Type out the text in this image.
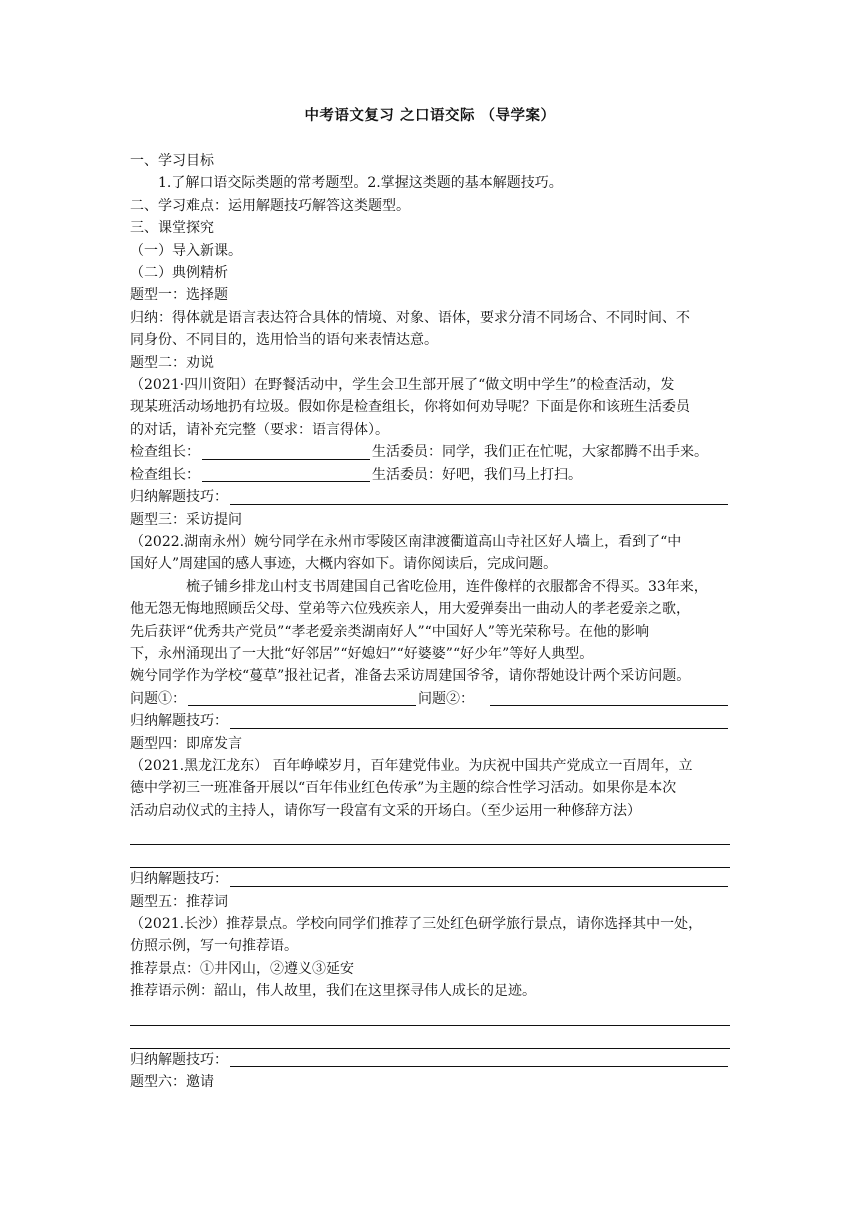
中考语文复习 之口语交际 （导学案）
一、学习目标
1.了解口语交际类题的常考题型。2.掌握这类题的基本解题技巧。
二、学习难点：运用解题技巧解答这类题型。
三、课堂探究
（一）导入新课。
（二）典例精析
题型一：选择题
归纳：得体就是语言表达符合具体的情境、对象、语体，要求分清不同场合、不同时间、不
同身份、不同目的，选用恰当的语句来表情达意。
题型二：劝说
（2021·四川资阳）在野餐活动中，学生会卫生部开展了“做文明中学生”的检查活动，发
现某班活动场地扔有垃圾。假如你是检查组长，你将如何劝导呢？下面是你和该班生活委员
的对话，请补充完整（要求：语言得体）。
检查组长：	生活委员：同学，我们正在忙呢，大家都腾不出手来。
检查组长：	生活委员：好吧，我们马上打扫。
归纳解题技巧：
题型三：采访提问
（2022.湖南永州）婉兮同学在永州市零陵区南津渡衢道高山寺社区好人墙上，看到了“中
国好人”周建国的感人事迹，大概内容如下。请你阅读后，完成问题。
梳子铺乡排龙山村支书周建国自己省吃俭用，连件像样的衣服都舍不得买。33年来，
他无怨无悔地照顾岳父母、堂弟等六位残疾亲人，用大爱弹奏出一曲动人的孝老爱亲之歌，
先后获评“优秀共产党员”“孝老爱亲类湖南好人”“中国好人”等光荣称号。在他的影响
下，永州涌现出了一大批“好邻居”“好媳妇”“好婆婆”“好少年”等好人典型。
婉兮同学作为学校“蔓草”报社记者，准备去采访周建国爷爷，请你帮她设计两个采访问题。
问题①：	问题②：
归纳解题技巧：
题型四：即席发言
（2021.黑龙江龙东） 百年峥嵘岁月，百年建党伟业。为庆祝中国共产党成立一百周年，立
德中学初三一班准备开展以“百年伟业红色传承”为主题的综合性学习活动。如果你是本次
活动启动仪式的主持人，请你写一段富有文采的开场白。（至少运用一种修辞方法）
归纳解题技巧：
题型五：推荐词
（2021.长沙）推荐景点。学校向同学们推荐了三处红色研学旅行景点，请你选择其中一处，
仿照示例，写一句推荐语。
推荐景点：①井冈山，②遵义③延安
推荐语示例：韶山，伟人故里，我们在这里探寻伟人成长的足迹。
归纳解题技巧：
题型六：邀请
